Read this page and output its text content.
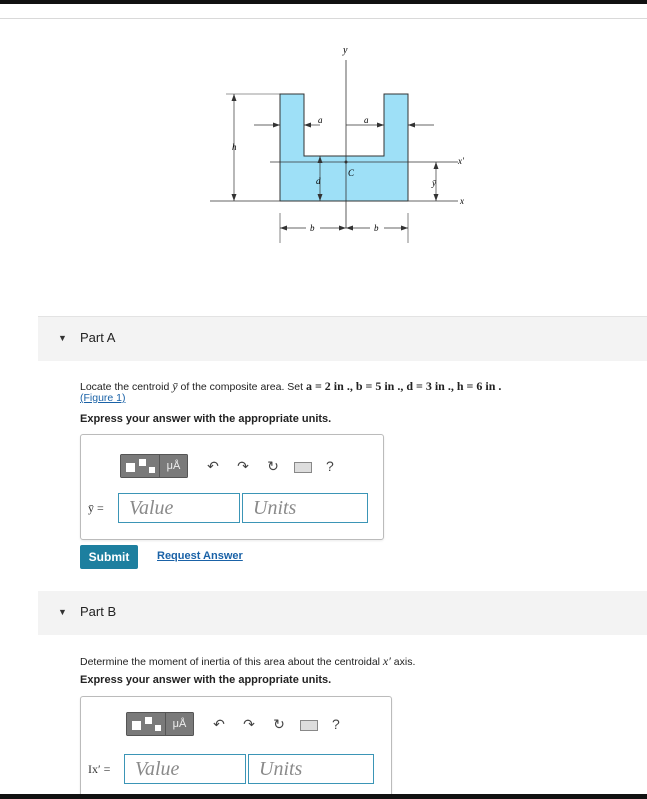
y
x
x′
C
h
a	a
d	ȳ
b	b
▼ Part A
Locate the centroid ȳ of the composite area. Set a = 2 in ., b = 5 in ., d = 3 in ., h = 6 in .
(Figure 1)
Express your answer with the appropriate units.
μÅ	↶	↷	↻	?
ȳ =	Value	Units
Submit	Request Answer
▼ Part B
Determine the moment of inertia of this area about the centroidal x′ axis.
Express your answer with the appropriate units.
μÅ	↶	↷	↻	?
Ix′ =	Value	Units
